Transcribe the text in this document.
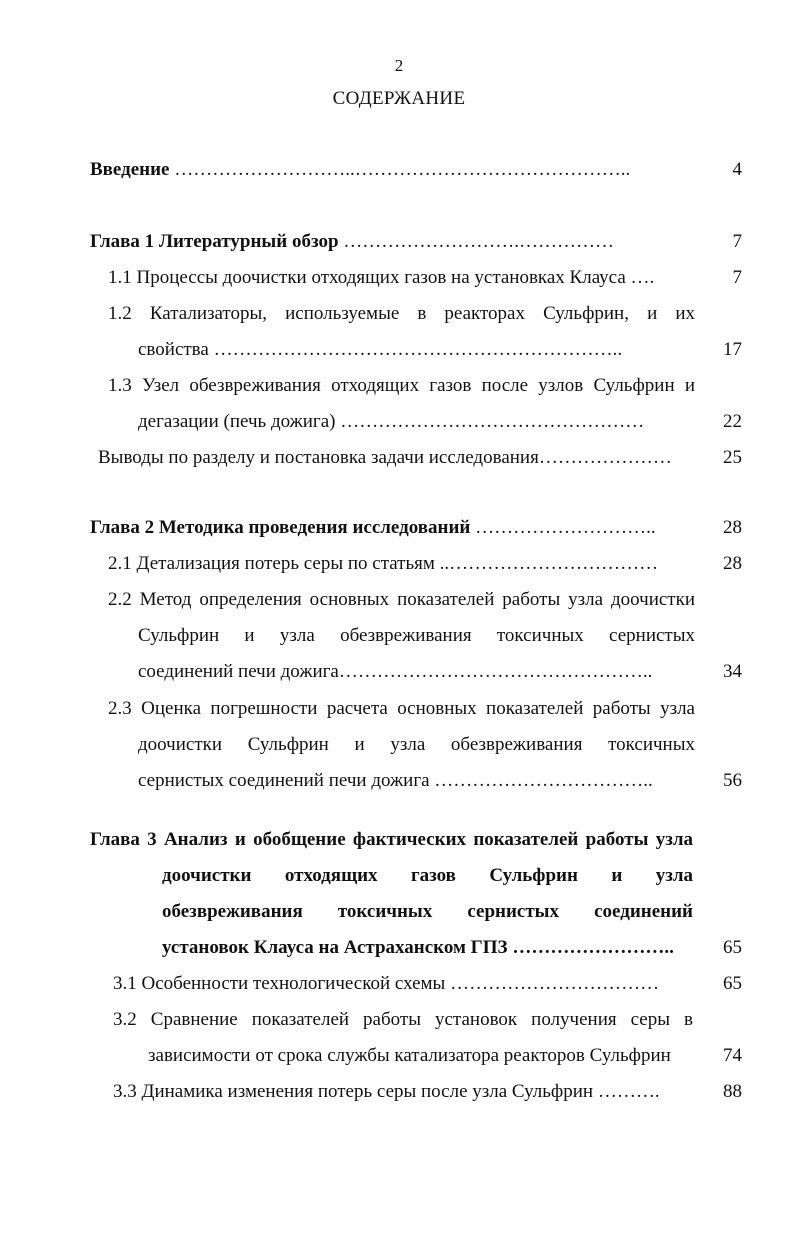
2
СОДЕРЖАНИЕ
Введение ………………………..……………………………………..	4
Глава 1 Литературный обзор ……………………….……………	7
1.1 Процессы доочистки отходящих газов на установках Клауса ….	7
1.2 Катализаторы, используемые в реакторах Сульфрин, и их
свойства ………………………………………………………..	17
1.3 Узел обезвреживания отходящих газов после узлов Сульфрин и
дегазации (печь дожига) …………………………………………	22
Выводы по разделу и постановка задачи исследования…………………	25
Глава 2 Методика проведения исследований ………………………..	28
2.1 Детализация потерь серы по статьям ..……………………………	28
2.2 Метод определения основных показателей работы узла доочистки
Сульфрин и узла обезвреживания токсичных сернистых
соединений печи дожига…………………………………………..	34
2.3 Оценка погрешности расчета основных показателей работы узла
доочистки Сульфрин и узла обезвреживания токсичных
сернистых соединений печи дожига ……………………………..	56
Глава 3 Анализ и обобщение фактических показателей работы узла
доочистки отходящих газов Сульфрин и узла
обезвреживания токсичных сернистых соединений
установок Клауса на Астраханском ГПЗ ……………………..	65
3.1 Особенности технологической схемы ……………………………	65
3.2 Сравнение показателей работы установок получения серы в
зависимости от срока службы катализатора реакторов Сульфрин	74
3.3 Динамика изменения потерь серы после узла Сульфрин ……….	88
